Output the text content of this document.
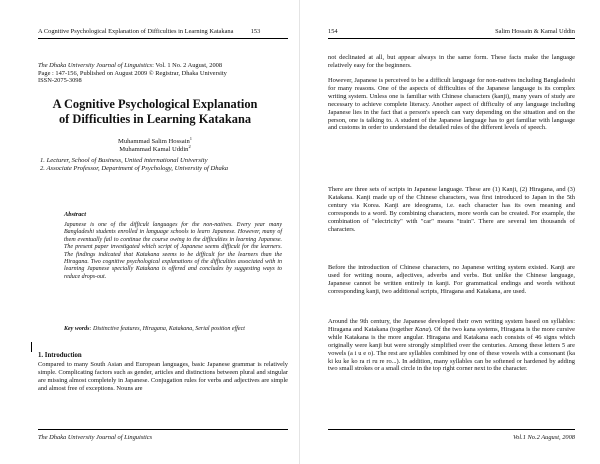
A Cognitive Psychological Explanation of Difficulties in Learning Katakana	153
The Dhaka University Journal of Linguistics: Vol. 1 No. 2 August, 2008
Page : 147-156, Published on August 2009 © Registrar, Dhaka University
ISSN-2075-3098
A Cognitive Psychological Explanation
of Difficulties in Learning Katakana
Muhammad Salim Hossain$^1$
Muhammad Kamal Uddin$^2$

1. Lecturer, School of Business, United international University

2. Associate Professor, Department of Psychology, University of Dhaka

Abstract

Japanese is one of the difficult languages for the non-natives. Every year many Bangladeshi students enrolled in language schools to learn Japanese. However, many of them eventually fail to continue the course owing to the difficulties in learning Japanese. The present paper investigated which script of Japanese seems difficult for the learners. The findings indicated that Katakana seems to be difficult for the learners than the Hiragana. Two cognitive psychological explanations of the difficulties associated with in learning Japanese specially Katakana is offered and concludes by suggesting ways to reduce drops-out.

Key words: Distinctive features, Hiragana, Katakana, Serial position effect

1. Introduction

Compared to many South Asian and European languages, basic Japanese grammar is relatively simple. Complicating factors such as gender, articles and distinctions between plural and singular are missing almost completely in Japanese. Conjugation rules for verbs and adjectives are simple and almost free of exceptions. Nouns are

The Dhaka University Journal of Linguistics
154	Salim Hossain & Kamal Uddin

not declinated at all, but appear always in the same form. These facts make the language relatively easy for the beginners.

However, Japanese is perceived to be a difficult language for non-natives including Bangladeshi for many reasons. One of the aspects of difficulties of the Japanese language is its complex writing system. Unless one is familiar with Chinese characters (kanji), many years of study are necessary to achieve complete literacy. Another aspect of difficulty of any language including Japanese lies in the fact that a person's speech can vary depending on the situation and on the person, one is talking to. A student of the Japanese language has to get familiar with language and customs in order to understand the detailed rules of the different levels of speech.

There are three sets of scripts in Japanese language. These are (1) Kanji, (2) Hiragana, and (3) Katakana. Kanji made up of the Chinese characters, was first introduced to Japan in the 5th century via Korea. Kanji are ideograms, i.e. each character has its own meaning and corresponds to a word. By combining characters, more words can be created. For example, the combination of "electricity" with "car" means "train". There are several ten thousands of characters.

Before the introduction of Chinese characters, no Japanese writing system existed. Kanji are used for writing nouns, adjectives, adverbs and verbs. But unlike the Chinese language, Japanese cannot be written entirely in kanji. For grammatical endings and words without corresponding kanji, two additional scripts, Hiragana and Katakana, are used.

Around the 9th century, the Japanese developed their own writing system based on syllables: Hiragana and Katakana (together Kana). Of the two kana systems, Hiragana is the more cursive while Katakana is the more angular. Hiragana and Katakana each consists of 46 signs which originally were kanji but were strongly simplified over the centuries. Among these letters 5 are vowels (a i u e o). The rest are syllables combined by one of these vowels with a consonant (ka ki ku ke ko ra ri ru re ro...). In addition, many syllables can be softened or hardened by adding two small strokes or a small circle in the top right corner next to the character.

Vol.1 No.2 August, 2008
